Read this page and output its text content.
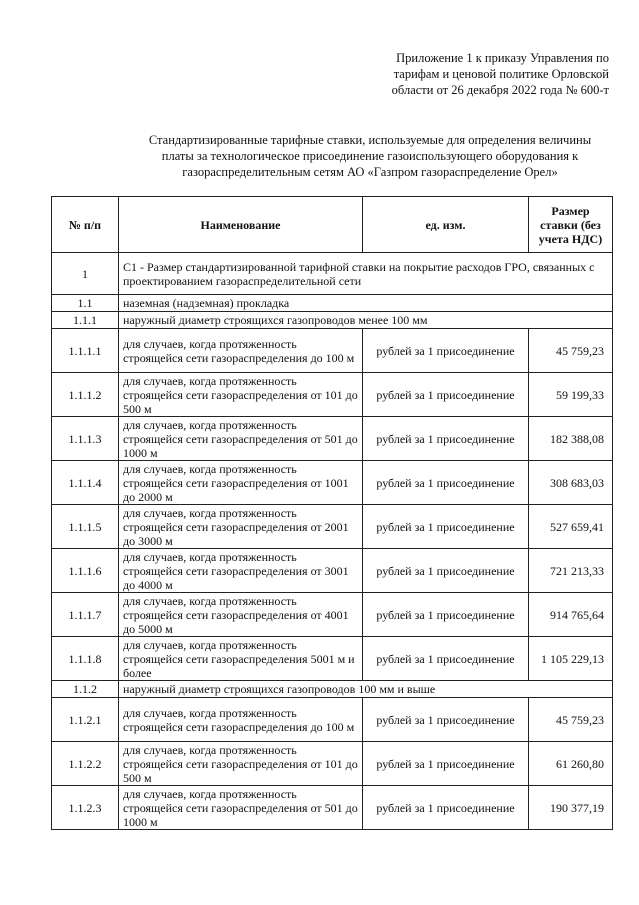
Приложение 1 к приказу Управления по
тарифам и ценовой политике Орловской
области от 26 декабря 2022 года № 600-т
Стандартизированные тарифные ставки, используемые для определения величины
платы за технологическое присоединение газоиспользующего оборудования к
газораспределительным сетям АО «Газпром газораспределение Орел»
№ п/п	Наименование	ед. изм.	Размер ставки (без учета НДС)
1	С1 - Размер стандартизированной тарифной ставки на покрытие расходов ГРО, связанных с проектированием газораспределительной сети		
1.1	наземная (надземная) прокладка		
1.1.1	наружный диаметр строящихся газопроводов менее 100 мм		
1.1.1.1	для случаев, когда протяженность строящейся сети газораспределения до 100 м	рублей за 1 присоединение	45 759,23
1.1.1.2	для случаев, когда протяженность строящейся сети газораспределения от 101 до 500 м	рублей за 1 присоединение	59 199,33
1.1.1.3	для случаев, когда протяженность строящейся сети газораспределения от 501 до 1000 м	рублей за 1 присоединение	182 388,08
1.1.1.4	для случаев, когда протяженность строящейся сети газораспределения от 1001 до 2000 м	рублей за 1 присоединение	308 683,03
1.1.1.5	для случаев, когда протяженность строящейся сети газораспределения от 2001 до 3000 м	рублей за 1 присоединение	527 659,41
1.1.1.6	для случаев, когда протяженность строящейся сети газораспределения от 3001 до 4000 м	рублей за 1 присоединение	721 213,33
1.1.1.7	для случаев, когда протяженность строящейся сети газораспределения от 4001 до 5000 м	рублей за 1 присоединение	914 765,64
1.1.1.8	для случаев, когда протяженность строящейся сети газораспределения 5001 м и более	рублей за 1 присоединение	1 105 229,13
1.1.2	наружный диаметр строящихся газопроводов 100 мм и выше		
1.1.2.1	для случаев, когда протяженность строящейся сети газораспределения до 100 м	рублей за 1 присоединение	45 759,23
1.1.2.2	для случаев, когда протяженность строящейся сети газораспределения от 101 до 500 м	рублей за 1 присоединение	61 260,80
1.1.2.3	для случаев, когда протяженность строящейся сети газораспределения от 501 до 1000 м	рублей за 1 присоединение	190 377,19
